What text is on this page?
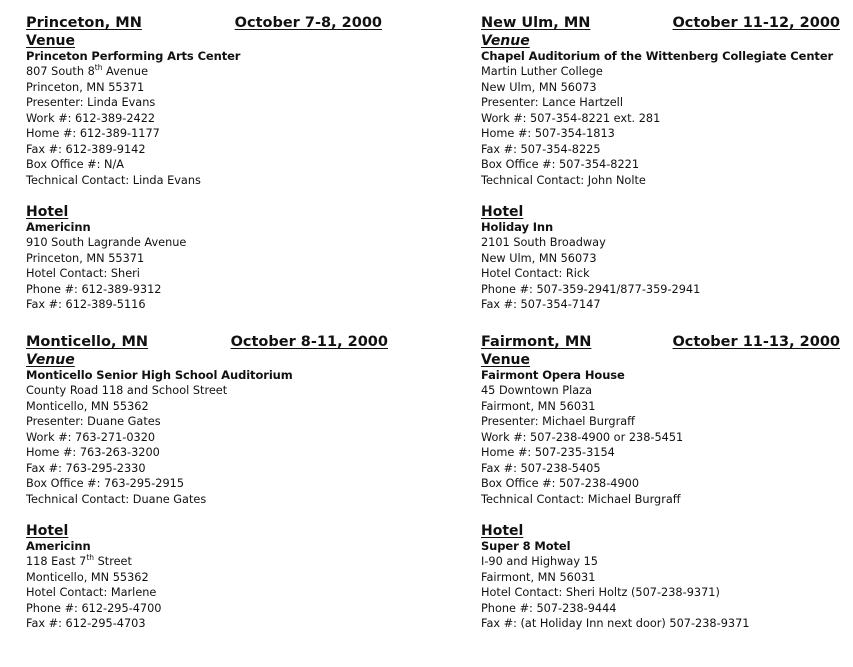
Princeton, MN	October 7-8, 2000
Venue
Princeton Performing Arts Center
807 South 8th Avenue
Princeton, MN 55371
Presenter: Linda Evans
Work #: 612-389-2422
Home #: 612-389-1177
Fax #: 612-389-9142
Box Office #: N/A
Technical Contact: Linda Evans
Hotel
Americinn
910 South Lagrande Avenue
Princeton, MN 55371
Hotel Contact: Sheri
Phone #: 612-389-9312
Fax #: 612-389-5116
Monticello, MN	October 8-11, 2000
Venue
Monticello Senior High School Auditorium
County Road 118 and School Street
Monticello, MN 55362
Presenter: Duane Gates
Work #: 763-271-0320
Home #: 763-263-3200
Fax #: 763-295-2330
Box Office #: 763-295-2915
Technical Contact: Duane Gates
Hotel
Americinn
118 East 7th Street
Monticello, MN 55362
Hotel Contact: Marlene
Phone #: 612-295-4700
Fax #: 612-295-4703
New Ulm, MN	October 11-12, 2000
Venue
Chapel Auditorium of the Wittenberg Collegiate Center
Martin Luther College
New Ulm, MN 56073
Presenter: Lance Hartzell
Work #: 507-354-8221 ext. 281
Home #: 507-354-1813
Fax #: 507-354-8225
Box Office #: 507-354-8221
Technical Contact: John Nolte
Hotel
Holiday Inn
2101 South Broadway
New Ulm, MN 56073
Hotel Contact: Rick
Phone #: 507-359-2941/877-359-2941
Fax #: 507-354-7147
Fairmont, MN	October 11-13, 2000
Venue
Fairmont Opera House
45 Downtown Plaza
Fairmont, MN 56031
Presenter: Michael Burgraff
Work #: 507-238-4900 or 238-5451
Home #: 507-235-3154
Fax #: 507-238-5405
Box Office #: 507-238-4900
Technical Contact: Michael Burgraff
Hotel
Super 8 Motel
I-90 and Highway 15
Fairmont, MN 56031
Hotel Contact: Sheri Holtz (507-238-9371)
Phone #: 507-238-9444
Fax #: (at Holiday Inn next door) 507-238-9371
